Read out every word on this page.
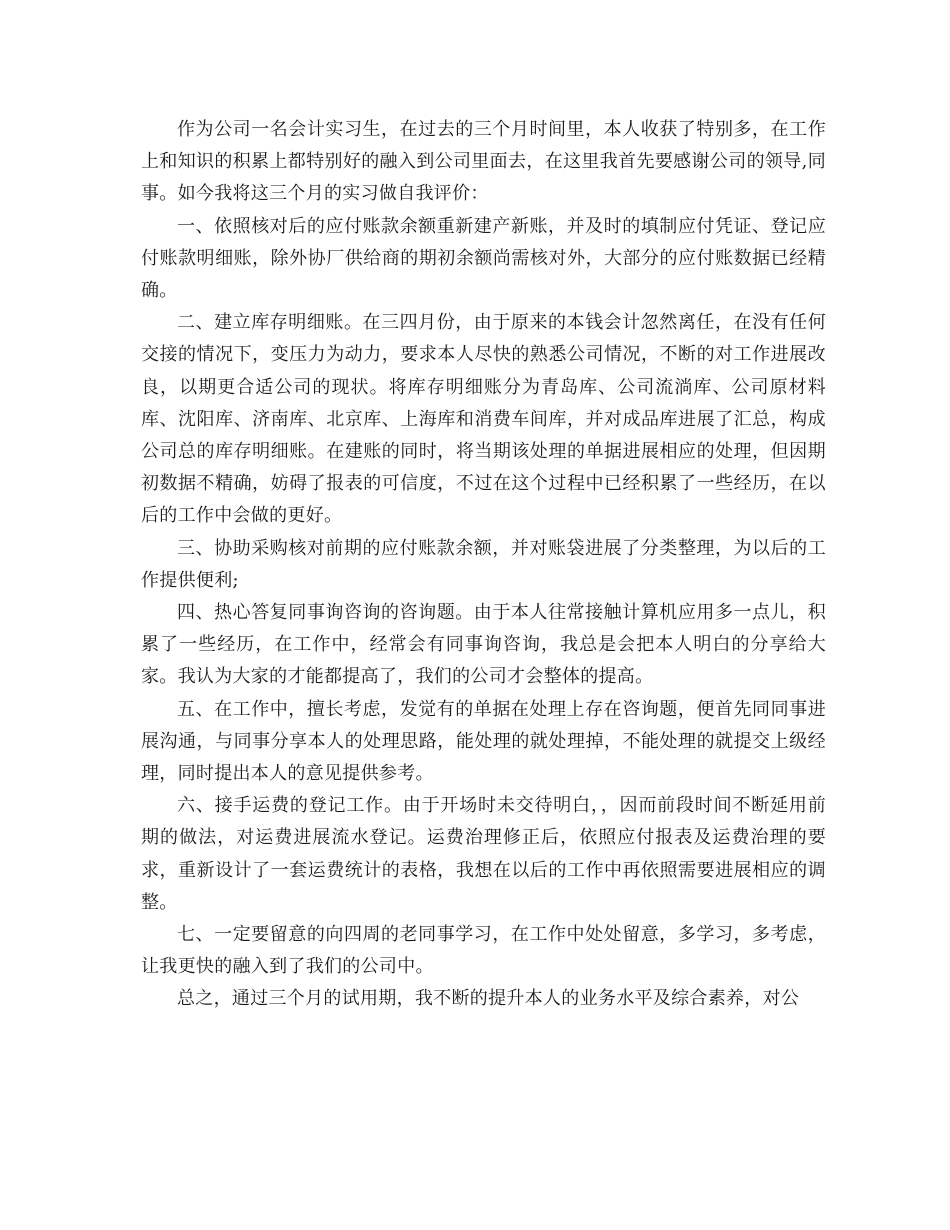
作为公司一名会计实习生，在过去的三个月时间里，本人收获了特别多，在工作上和知识的积累上都特别好的融入到公司里面去，在这里我首先要感谢公司的领导,同事。如今我将这三个月的实习做自我评价：

一、依照核对后的应付账款余额重新建产新账，并及时的填制应付凭证、登记应付账款明细账，除外协厂供给商的期初余额尚需核对外，大部分的应付账数据已经精确。

二、建立库存明细账。在三四月份，由于原来的本钱会计忽然离任，在没有任何交接的情况下，变压力为动力，要求本人尽快的熟悉公司情况，不断的对工作进展改良，以期更合适公司的现状。将库存明细账分为青岛库、公司流淌库、公司原材料库、沈阳库、济南库、北京库、上海库和消费车间库，并对成品库进展了汇总，构成公司总的库存明细账。在建账的同时，将当期该处理的单据进展相应的处理，但因期初数据不精确，妨碍了报表的可信度，不过在这个过程中已经积累了一些经历，在以后的工作中会做的更好。

三、协助采购核对前期的应付账款余额，并对账袋进展了分类整理，为以后的工作提供便利;

四、热心答复同事询咨询的咨询题。由于本人往常接触计算机应用多一点儿，积累了一些经历，在工作中，经常会有同事询咨询，我总是会把本人明白的分享给大家。我认为大家的才能都提高了，我们的公司才会整体的提高。

五、在工作中，擅长考虑，发觉有的单据在处理上存在咨询题，便首先同同事进展沟通，与同事分享本人的处理思路，能处理的就处理掉，不能处理的就提交上级经理，同时提出本人的意见提供参考。

六、接手运费的登记工作。由于开场时未交待明白，，因而前段时间不断延用前期的做法，对运费进展流水登记。运费治理修正后，依照应付报表及运费治理的要求，重新设计了一套运费统计的表格，我想在以后的工作中再依照需要进展相应的调整。

七、一定要留意的向四周的老同事学习，在工作中处处留意，多学习，多考虑，让我更快的融入到了我们的公司中。

总之，通过三个月的试用期，我不断的提升本人的业务水平及综合素养，对公
